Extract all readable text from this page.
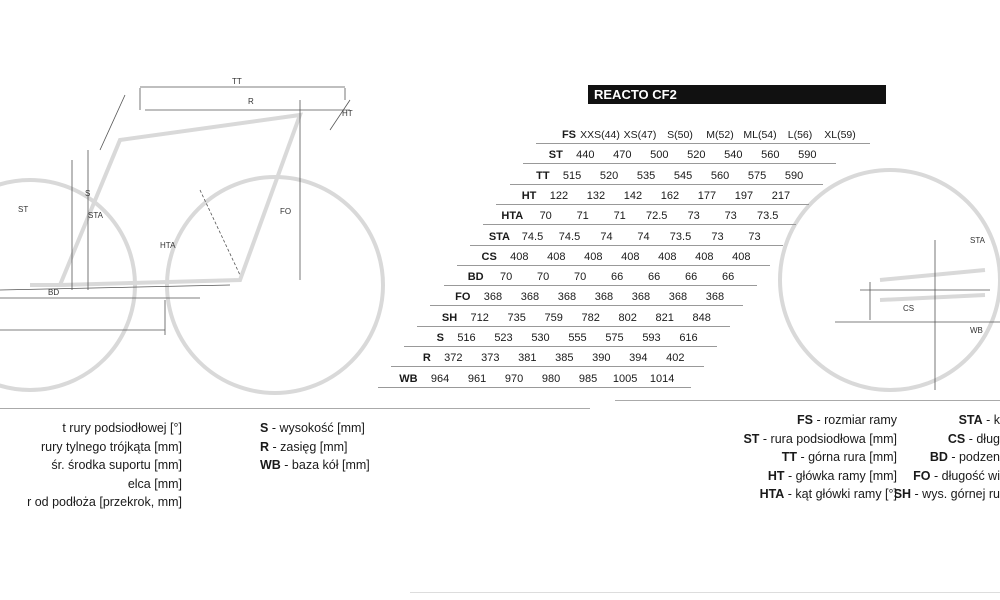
TT
R
HT
S
ST
STA	FO
HTA
BD
STA
CS
WB
REACTO CF2
FS XXS(44) XS(47)	S(50)	M(52) ML(54)	L(56)	XL(59)
ST	440	470	500	520	540	560	590
TT	515	520	535	545	560	575	590
HT	122	132	142	162	177	197	217
HTA	70	71	71	72.5	73	73	73.5
STA	74.5	74.5	74	74	73.5	73	73
CS	408	408	408	408	408	408	408
BD	70	70	70	66	66	66	66
FO	368	368	368	368	368	368	368
SH	712	735	759	782	802	821	848
S	516	523	530	555	575	593	616
R	372	373	381	385	390	394	402
WB	964	961	970	980	985	1005	1014
t rury podsiodłowej [°]
rury tylnego trójkąta [mm]
śr. środka suportu [mm]
elca [mm]
r od podłoża [przekrok, mm]
S - wysokość [mm]
R - zasięg [mm]
WB - baza kół [mm]
FS - rozmiar ramy
ST - rura podsiodłowa [mm]
TT - górna rura [mm]
HT - główka ramy [mm]
HTA - kąt główki ramy [°]
STA - k
CS - dług
BD - podzen
FO - długość wi
SH - wys. górnej ru
